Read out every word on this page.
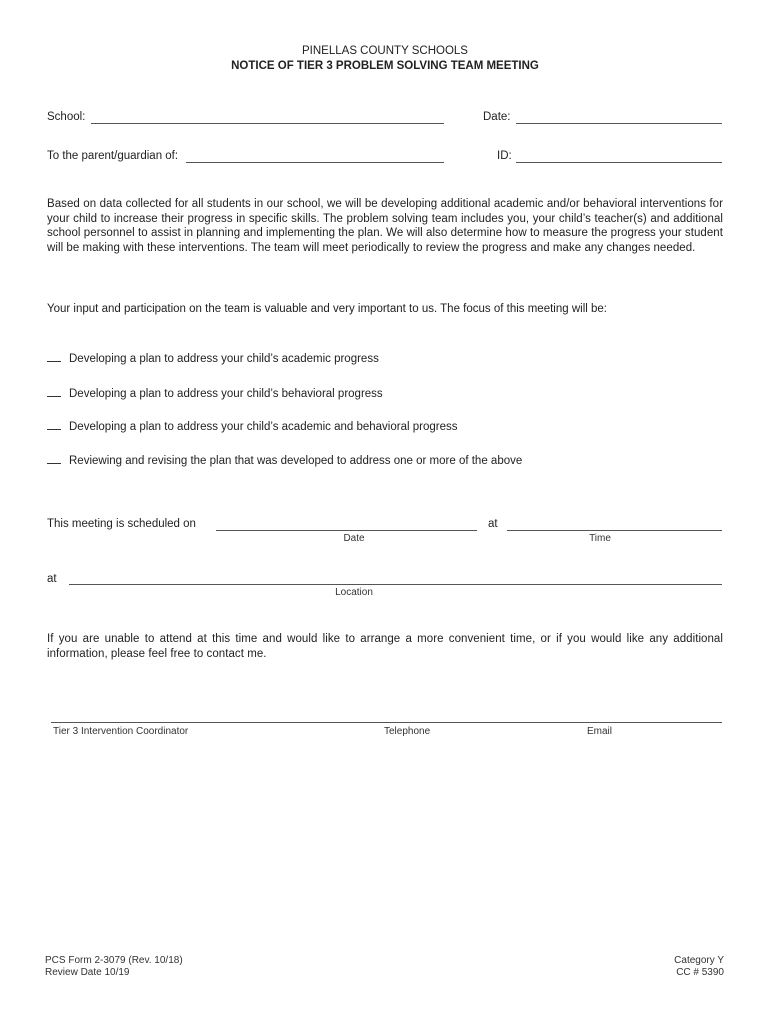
PINELLAS COUNTY SCHOOLS
NOTICE OF TIER 3 PROBLEM SOLVING TEAM MEETING
School:	Date:
To the parent/guardian of:	ID:
Based on data collected for all students in our school, we will be developing additional academic and/or behavioral interventions for your child to increase their progress in specific skills. The problem solving team includes you, your child’s teacher(s) and additional school personnel to assist in planning and implementing the plan. We will also determine how to measure the progress your student will be making with these interventions. The team will meet periodically to review the progress and make any changes needed.
Your input and participation on the team is valuable and very important to us. The focus of this meeting will be:
Developing a plan to address your child’s academic progress
Developing a plan to address your child’s behavioral progress
Developing a plan to address your child’s academic and behavioral progress
Reviewing and revising the plan that was developed to address one or more of the above
This meeting is scheduled on	at
Date	Time
at
Location
If you are unable to attend at this time and would like to arrange a more convenient time, or if you would like any additional information, please feel free to contact me.
Tier 3 Intervention Coordinator	Telephone	Email
PCS Form 2-3079 (Rev. 10/18)
Review Date 10/19
Category Y
CC # 5390
